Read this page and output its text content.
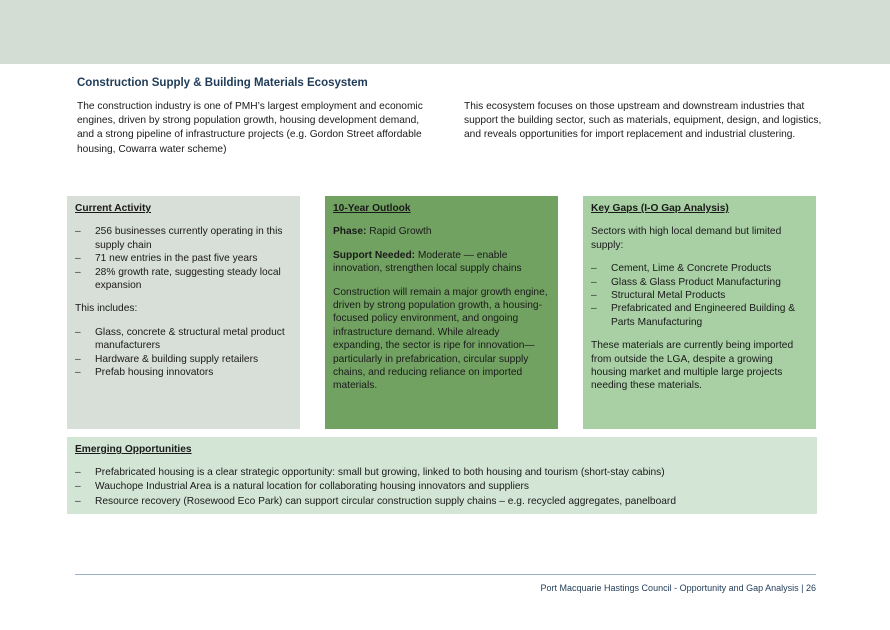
Construction Supply & Building Materials Ecosystem

The construction industry is one of PMH’s largest employment and economic engines, driven by strong population growth, housing development demand, and a strong pipeline of infrastructure projects (e.g. Gordon Street affordable housing, Cowarra water scheme)

This ecosystem focuses on those upstream and downstream industries that support the building sector, such as materials, equipment, design, and logistics, and reveals opportunities for import replacement and industrial clustering.

Current Activity
– 256 businesses currently operating in this supply chain
– 71 new entries in the past five years
– 28% growth rate, suggesting steady local expansion
This includes:
– Glass, concrete & structural metal product manufacturers
– Hardware & building supply retailers
– Prefab housing innovators
10-Year Outlook

Phase: Rapid Growth

Support Needed: Moderate — enable innovation, strengthen local supply chains

Construction will remain a major growth engine, driven by strong population growth, a housing-focused policy environment, and ongoing infrastructure demand. While already expanding, the sector is ripe for innovation—particularly in prefabrication, circular supply chains, and reducing reliance on imported materials.

Key Gaps (I-O Gap Analysis)

Sectors with high local demand but limited supply:

– Cement, Lime & Concrete Products
– Glass & Glass Product Manufacturing
– Structural Metal Products
– Prefabricated and Engineered Building & Parts Manufacturing

These materials are currently being imported from outside the LGA, despite a growing housing market and multiple large projects needing these materials.

Emerging Opportunities
– Prefabricated housing is a clear strategic opportunity: small but growing, linked to both housing and tourism (short-stay cabins)
– Wauchope Industrial Area is a natural location for collaborating housing innovators and suppliers
– Resource recovery (Rosewood Eco Park) can support circular construction supply chains – e.g. recycled aggregates, panelboard
Port Macquarie Hastings Council - Opportunity and Gap Analysis | 26
